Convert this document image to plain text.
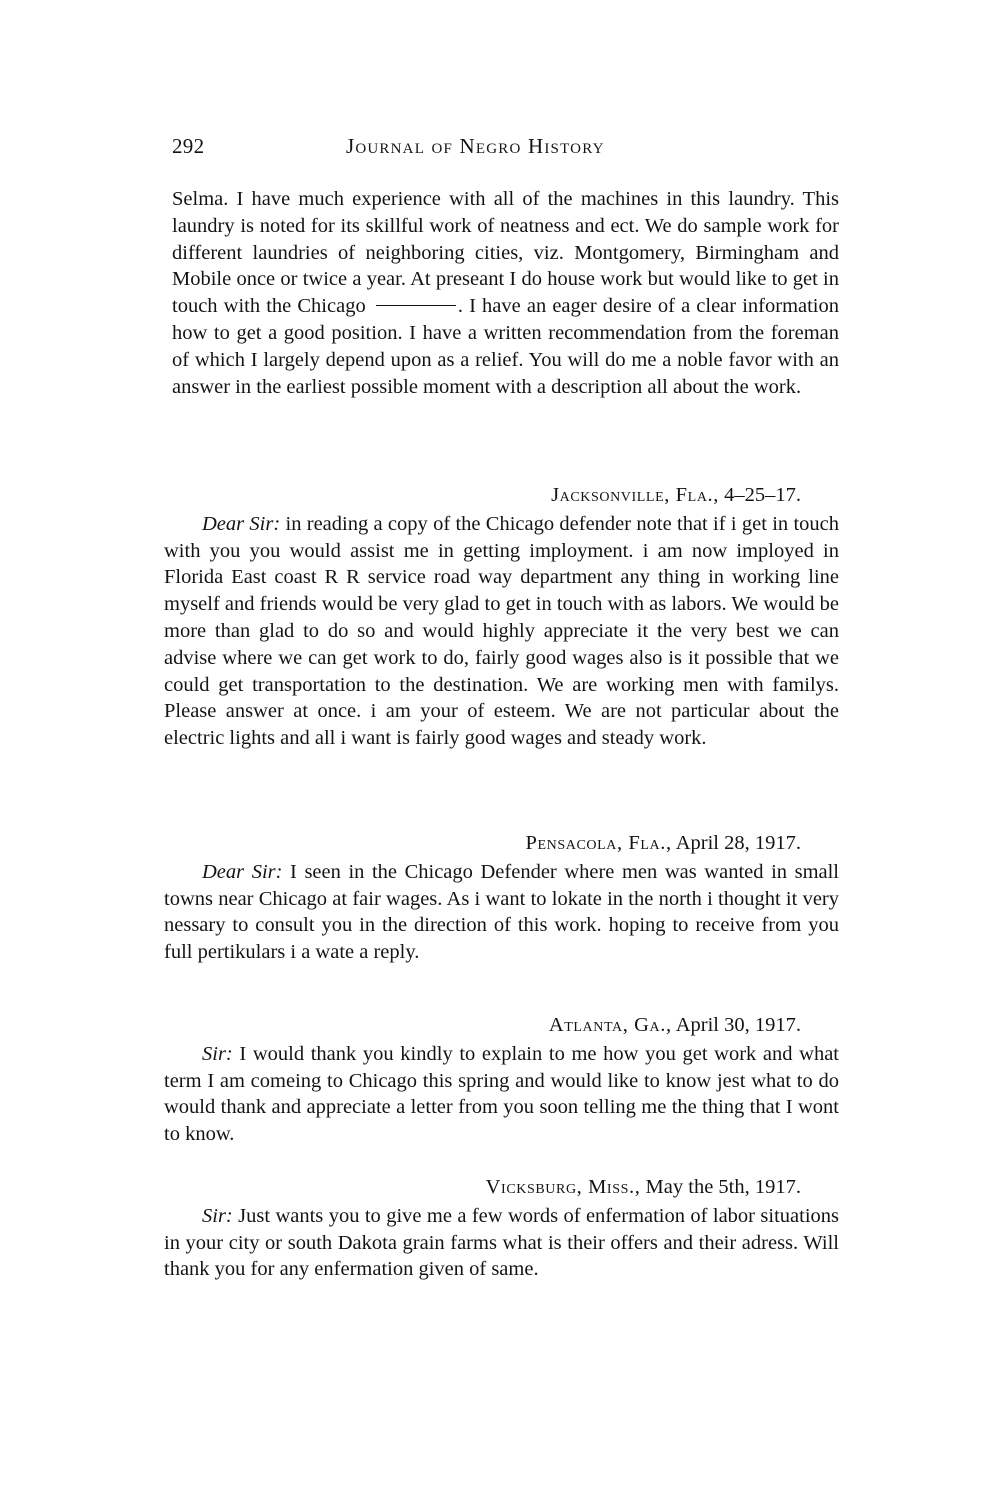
292	Journal of Negro History
Selma. I have much experience with all of the machines in this laundry. This laundry is noted for its skillful work of neatness and ect. We do sample work for different laundries of neighboring cities, viz. Montgomery, Birmingham and Mobile once or twice a year. At preseant I do house work but would like to get in touch with the Chicago	. I have an eager desire of a clear information how to get a good position. I have a written recommendation from the foreman of which I largely depend upon as a relief. You will do me a noble favor with an answer in the earliest possible moment with a description all about the work.
Jacksonville, Fla., 4–25–17.

Dear Sir: in reading a copy of the Chicago defender note that if i get in touch with you you would assist me in getting imployment. i am now imployed in Florida East coast R R service road way department any thing in working line myself and friends would be very glad to get in touch with as labors. We would be more than glad to do so and would highly appreciate it the very best we can advise where we can get work to do, fairly good wages also is it possible that we could get transportation to the destination. We are working men with familys. Please answer at once. i am your of esteem. We are not particular about the electric lights and all i want is fairly good wages and steady work.

Pensacola, Fla., April 28, 1917.

Dear Sir: I seen in the Chicago Defender where men was wanted in small towns near Chicago at fair wages. As i want to lokate in the north i thought it very nessary to consult you in the direction of this work. hoping to receive from you full pertikulars i a wate a reply.

Atlanta, Ga., April 30, 1917.

Sir: I would thank you kindly to explain to me how you get work and what term I am comeing to Chicago this spring and would like to know jest what to do would thank and appreciate a letter from you soon telling me the thing that I wont to know.

Vicksburg, Miss., May the 5th, 1917.

Sir: Just wants you to give me a few words of enfermation of labor situations in your city or south Dakota grain farms what is their offers and their adress. Will thank you for any enfermation given of same.
